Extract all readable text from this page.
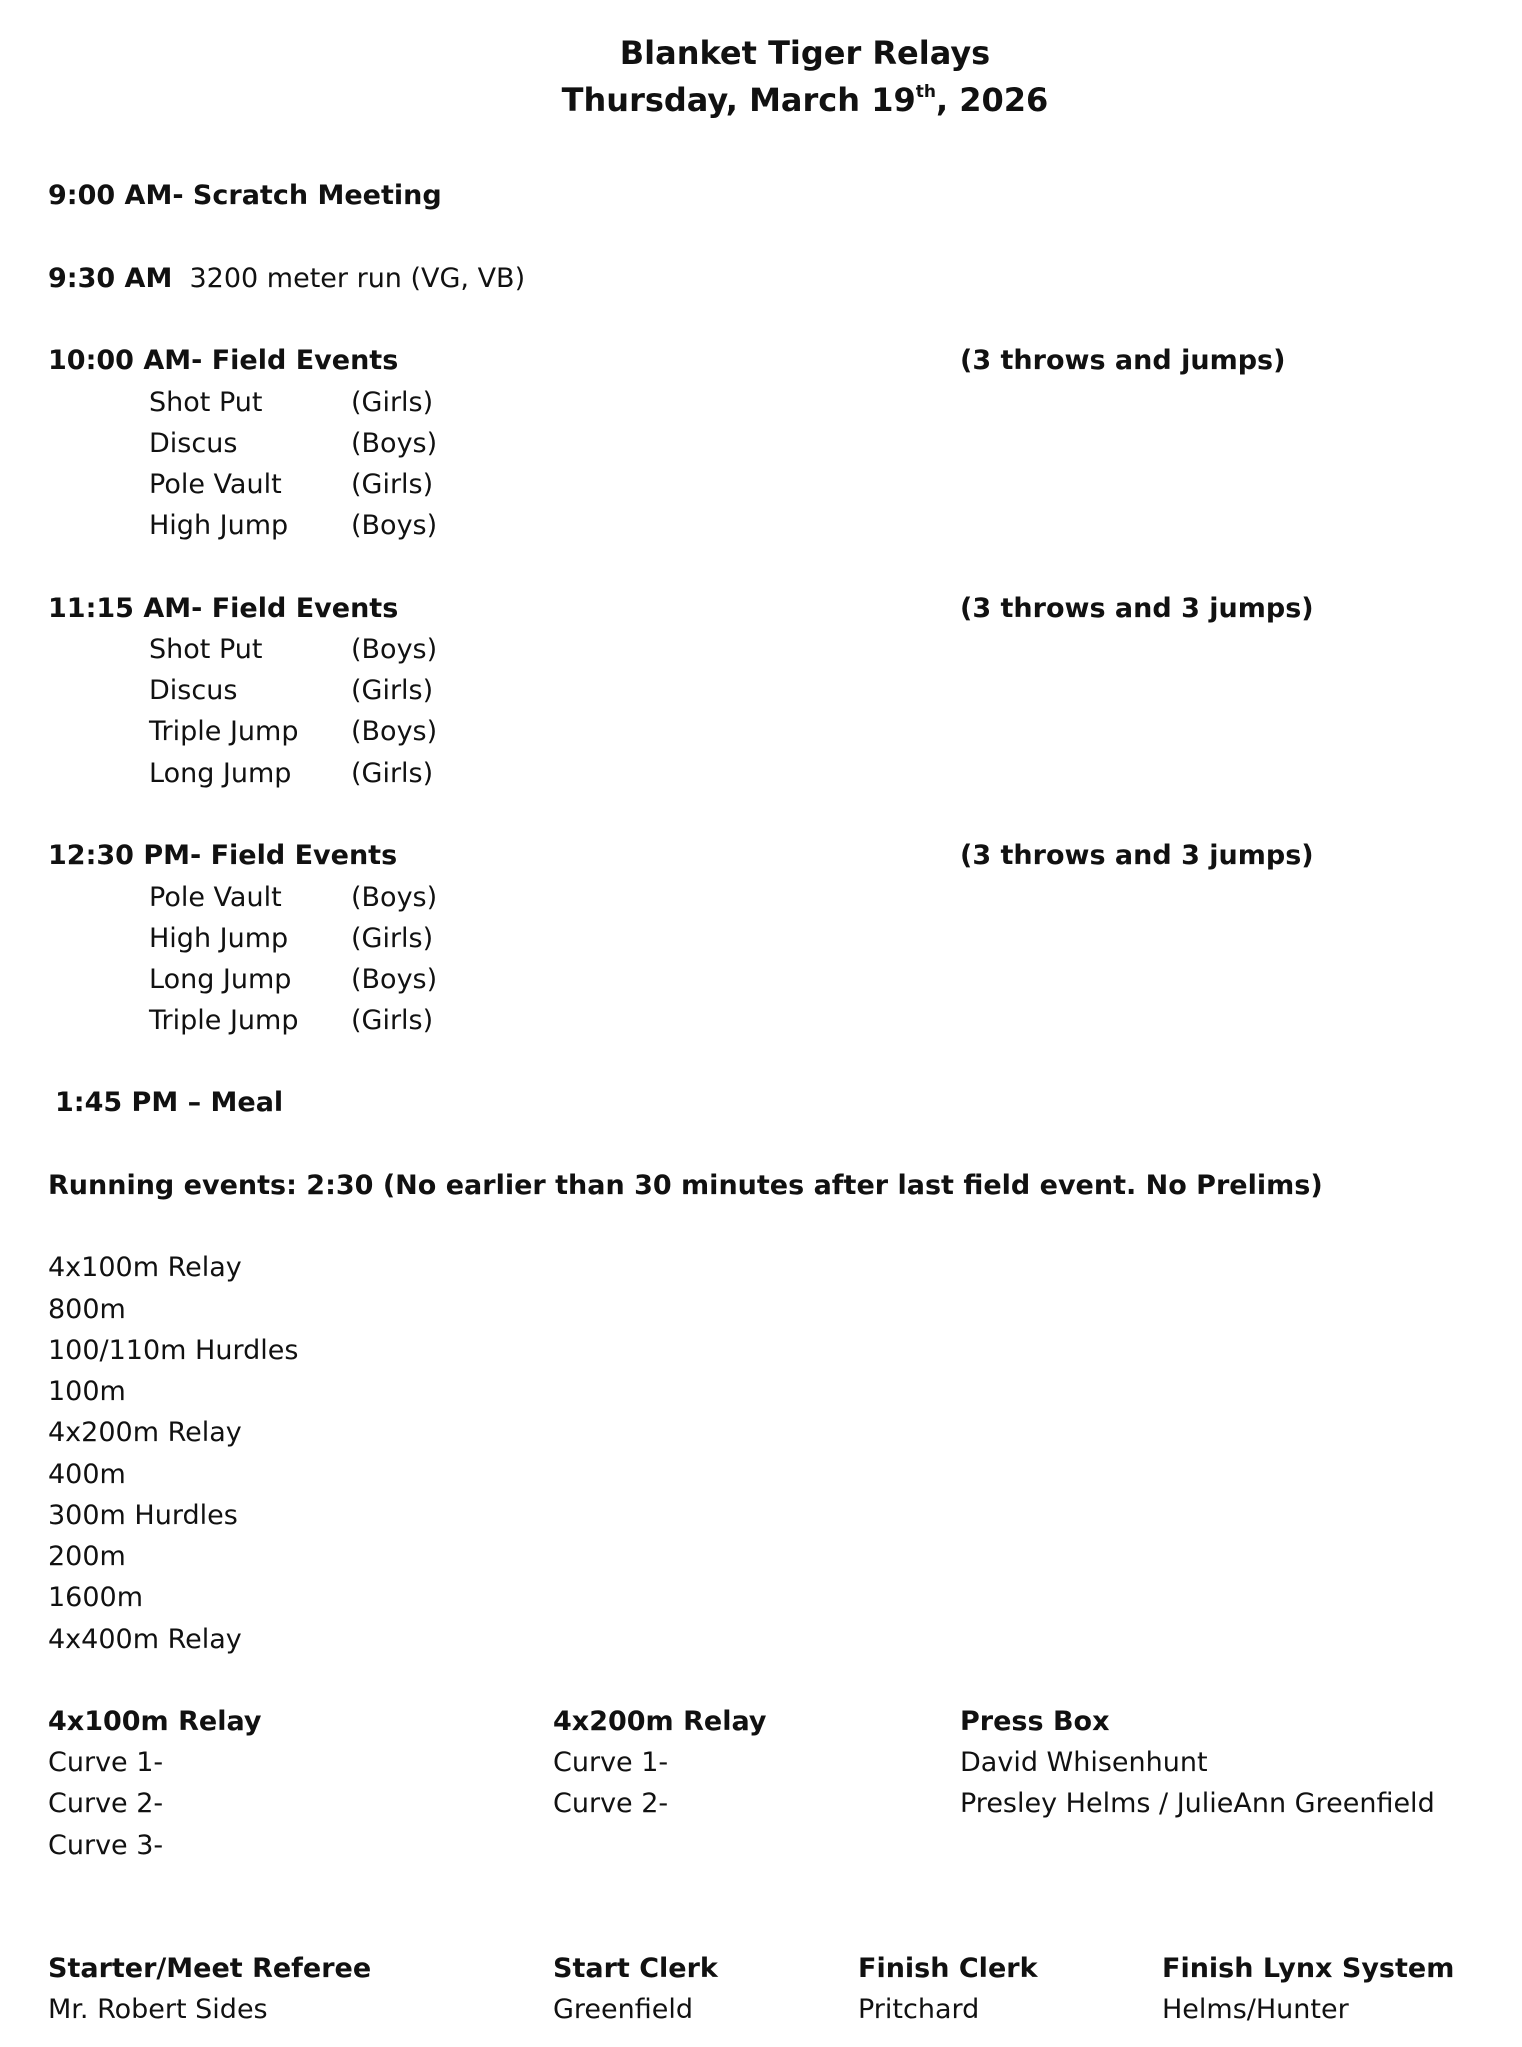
Blanket Tiger Relays
Thursday, March 19th, 2026
9:00 AM- Scratch Meeting
9:30 AM 3200 meter run (VG, VB)
10:00 AM- Field Events	(3 throws and jumps)
Shot Put	(Girls)
Discus	(Boys)
Pole Vault	(Girls)
High Jump (Boys)
11:15 AM- Field Events	(3 throws and 3 jumps)
Shot Put	(Boys)
Discus	(Girls)
Triple Jump (Boys)
Long Jump (Girls)
12:30 PM- Field Events	(3 throws and 3 jumps)
Pole Vault	(Boys)
High Jump (Girls)
Long Jump (Boys)
Triple Jump (Girls)
1:45 PM – Meal
Running events: 2:30 (No earlier than 30 minutes after last field event. No Prelims)
4x100m Relay
800m
100/110m Hurdles
100m
4x200m Relay
400m
300m Hurdles
200m
1600m
4x400m Relay
4x100m Relay
Curve 1-
Curve 2-
Curve 3-
4x200m Relay
Curve 1-
Curve 2-
Press Box
David Whisenhunt
Presley Helms / JulieAnn Greenfield
Starter/Meet Referee
Mr. Robert Sides
Start Clerk
Greenfield
Finish Clerk
Pritchard
Finish Lynx System
Helms/Hunter
